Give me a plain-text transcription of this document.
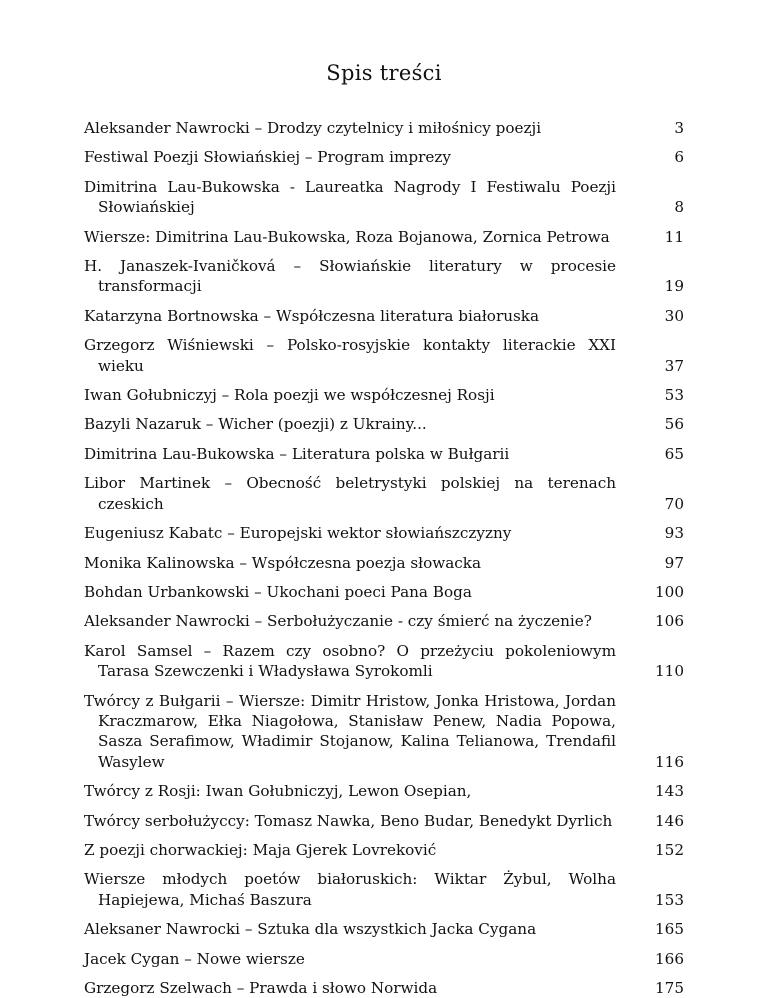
Spis treści
Aleksander Nawrocki – Drodzy czytelnicy i miłośnicy poezji	3
Festiwal Poezji Słowiańskiej – Program imprezy	6
Dimitrina Lau-Bukowska - Laureatka Nagrody I Festiwalu Poezji Słowiańskiej	8
Wiersze: Dimitrina Lau-Bukowska, Roza Bojanowa, Zornica Petrowa	11
H. Janaszek-Ivaničková – Słowiańskie literatury w procesie transformacji	19
Katarzyna Bortnowska – Współczesna literatura białoruska	30
Grzegorz Wiśniewski – Polsko-rosyjskie kontakty literackie XXI wieku	37
Iwan Gołubniczyj – Rola poezji we współczesnej Rosji	53
Bazyli Nazaruk – Wicher (poezji) z Ukrainy...	56
Dimitrina Lau-Bukowska – Literatura polska w Bułgarii	65
Libor Martinek – Obecność beletrystyki polskiej na terenach czeskich	70
Eugeniusz Kabatc – Europejski wektor słowiańszczyzny	93
Monika Kalinowska – Współczesna poezja słowacka	97
Bohdan Urbankowski – Ukochani poeci Pana Boga	100
Aleksander Nawrocki – Serbołużyczanie - czy śmierć na życzenie?	106
Karol Samsel – Razem czy osobno? O przeżyciu pokoleniowym Tarasa Szewczenki i Władysława Syrokomli	110
Twórcy z Bułgarii – Wiersze: Dimitr Hristow, Jonka Hristowa, Jordan Kraczmarow, Ełka Niagołowa, Stanisław Penew, Nadia Popowa, Sasza Serafimow, Władimir Stojanow, Kalina Telianowa, Trendafil Wasylew	116
Twórcy z Rosji: Iwan Gołubniczyj, Lewon Osepian,	143
Twórcy serbołużyccy: Tomasz Nawka, Beno Budar, Benedykt Dyrlich	146
Z poezji chorwackiej: Maja Gjerek Lovreković	152
Wiersze młodych poetów białoruskich: Wiktar Żybul, Wolha Hapiejewa, Michaś Baszura	153
Aleksaner Nawrocki – Sztuka dla wszystkich Jacka Cygana	165
Jacek Cygan – Nowe wiersze	166
Grzegorz Szelwach – Prawda i słowo Norwida	175
